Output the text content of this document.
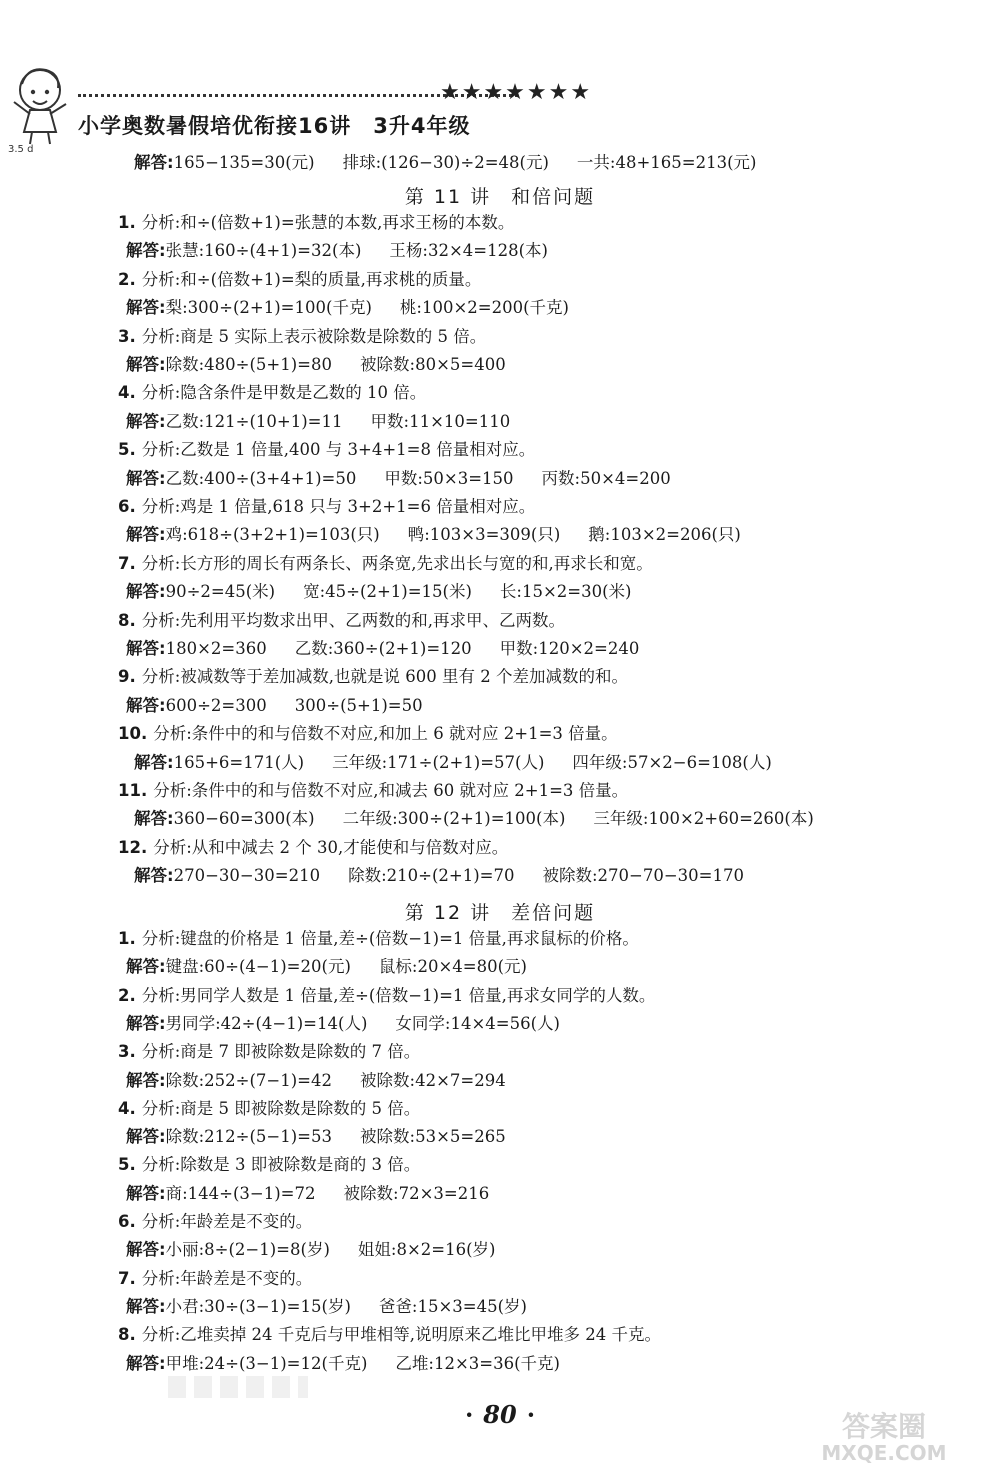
3.5 d
★★★★★★★
小学奥数暑假培优衔接16讲　3升4年级
解答:165−135=30(元) 排球:(126−30)÷2=48(元) 一共:48+165=213(元)
第 11 讲 和倍问题
1. 分析:和÷(倍数+1)=张慧的本数,再求王杨的本数。
解答:张慧:160÷(4+1)=32(本) 王杨:32×4=128(本)
2. 分析:和÷(倍数+1)=梨的质量,再求桃的质量。
解答:梨:300÷(2+1)=100(千克) 桃:100×2=200(千克)
3. 分析:商是 5 实际上表示被除数是除数的 5 倍。
解答:除数:480÷(5+1)=80 被除数:80×5=400
4. 分析:隐含条件是甲数是乙数的 10 倍。
解答:乙数:121÷(10+1)=11 甲数:11×10=110
5. 分析:乙数是 1 倍量,400 与 3+4+1=8 倍量相对应。
解答:乙数:400÷(3+4+1)=50 甲数:50×3=150 丙数:50×4=200
6. 分析:鸡是 1 倍量,618 只与 3+2+1=6 倍量相对应。
解答:鸡:618÷(3+2+1)=103(只) 鸭:103×3=309(只) 鹅:103×2=206(只)
7. 分析:长方形的周长有两条长、两条宽,先求出长与宽的和,再求长和宽。
解答:90÷2=45(米) 宽:45÷(2+1)=15(米) 长:15×2=30(米)
8. 分析:先利用平均数求出甲、乙两数的和,再求甲、乙两数。
解答:180×2=360 乙数:360÷(2+1)=120 甲数:120×2=240
9. 分析:被减数等于差加减数,也就是说 600 里有 2 个差加减数的和。
解答:600÷2=300 300÷(5+1)=50
10. 分析:条件中的和与倍数不对应,和加上 6 就对应 2+1=3 倍量。
解答:165+6=171(人) 三年级:171÷(2+1)=57(人) 四年级:57×2−6=108(人)
11. 分析:条件中的和与倍数不对应,和减去 60 就对应 2+1=3 倍量。
解答:360−60=300(本) 二年级:300÷(2+1)=100(本) 三年级:100×2+60=260(本)
12. 分析:从和中减去 2 个 30,才能使和与倍数对应。
解答:270−30−30=210 除数:210÷(2+1)=70 被除数:270−70−30=170
第 12 讲 差倍问题
1. 分析:键盘的价格是 1 倍量,差÷(倍数−1)=1 倍量,再求鼠标的价格。
解答:键盘:60÷(4−1)=20(元) 鼠标:20×4=80(元)
2. 分析:男同学人数是 1 倍量,差÷(倍数−1)=1 倍量,再求女同学的人数。
解答:男同学:42÷(4−1)=14(人) 女同学:14×4=56(人)
3. 分析:商是 7 即被除数是除数的 7 倍。
解答:除数:252÷(7−1)=42 被除数:42×7=294
4. 分析:商是 5 即被除数是除数的 5 倍。
解答:除数:212÷(5−1)=53 被除数:53×5=265
5. 分析:除数是 3 即被除数是商的 3 倍。
解答:商:144÷(3−1)=72 被除数:72×3=216
6. 分析:年龄差是不变的。
解答:小丽:8÷(2−1)=8(岁) 姐姐:8×2=16(岁)
7. 分析:年龄差是不变的。
解答:小君:30÷(3−1)=15(岁) 爸爸:15×3=45(岁)
8. 分析:乙堆卖掉 24 千克后与甲堆相等,说明原来乙堆比甲堆多 24 千克。
解答:甲堆:24÷(3−1)=12(千克) 乙堆:12×3=36(千克)
· 80 ·	答案圈
MXQE.COM
